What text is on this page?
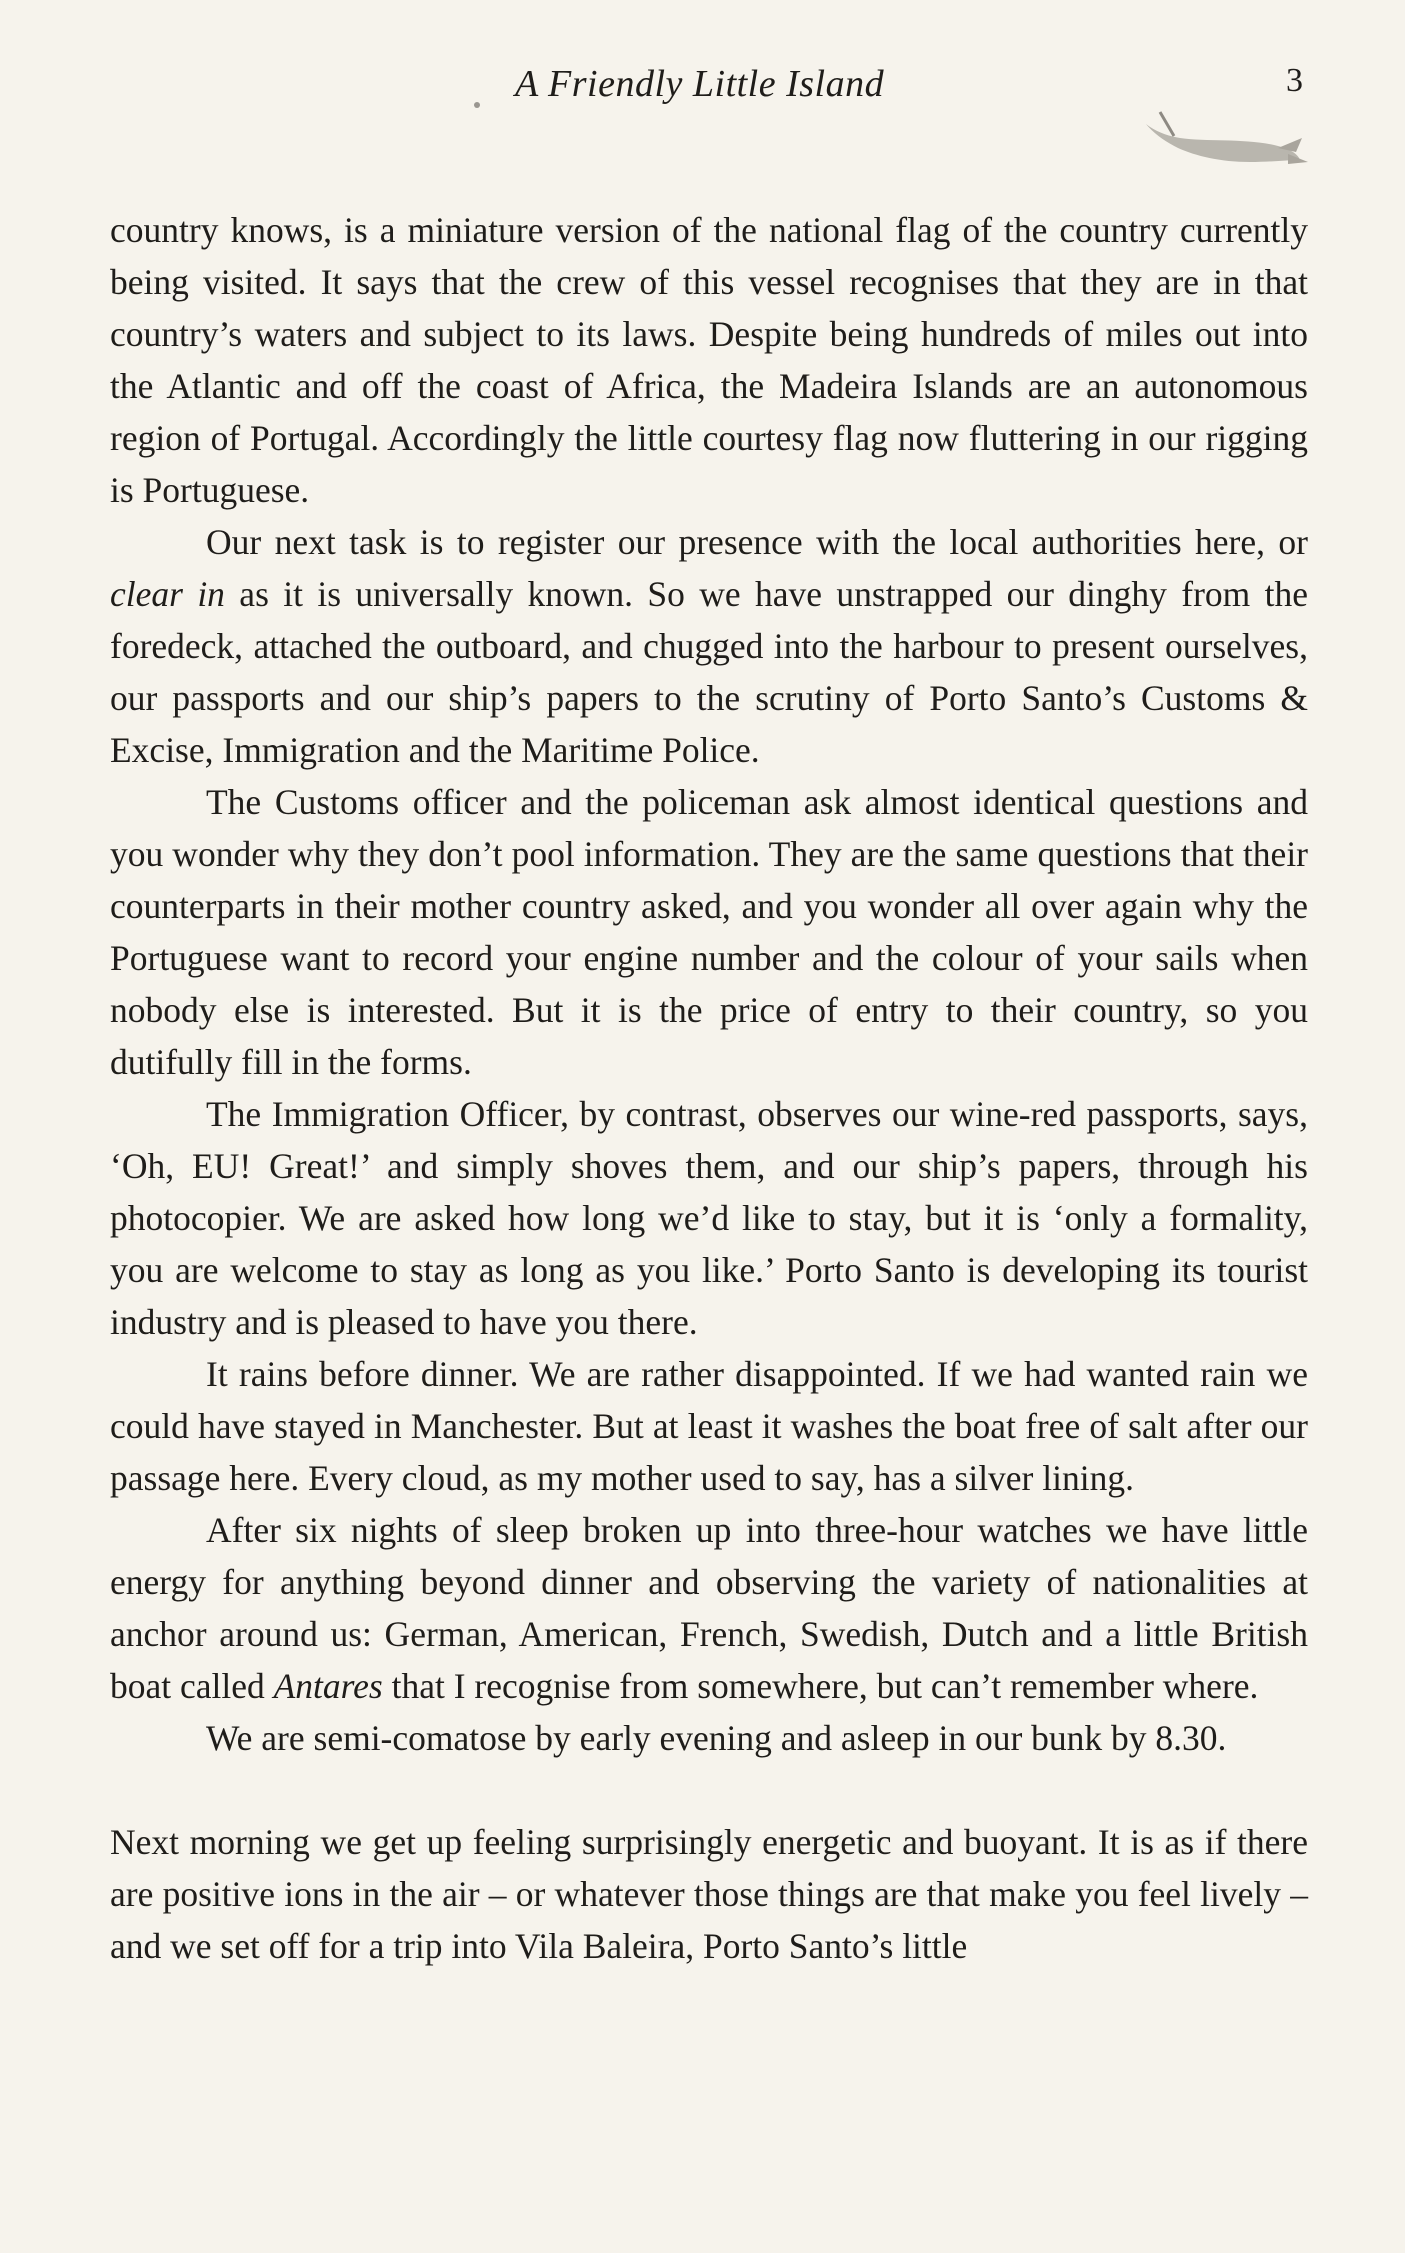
A Friendly Little Island	3

country knows, is a miniature version of the national flag of the country currently being visited. It says that the crew of this vessel recognises that they are in that country’s waters and subject to its laws. Despite being hundreds of miles out into the Atlantic and off the coast of Africa, the Madeira Islands are an autonomous region of Portugal. Accordingly the little courtesy flag now fluttering in our rigging is Portuguese.

Our next task is to register our presence with the local authorities here, or clear in as it is universally known. So we have unstrapped our dinghy from the foredeck, attached the outboard, and chugged into the harbour to present ourselves, our passports and our ship’s papers to the scrutiny of Porto Santo’s Customs & Excise, Immigration and the Maritime Police.

The Customs officer and the policeman ask almost identical questions and you wonder why they don’t pool information. They are the same questions that their counterparts in their mother country asked, and you wonder all over again why the Portuguese want to record your engine number and the colour of your sails when nobody else is interested. But it is the price of entry to their country, so you dutifully fill in the forms.

The Immigration Officer, by contrast, observes our wine-red passports, says, ‘Oh, EU! Great!’ and simply shoves them, and our ship’s papers, through his photocopier. We are asked how long we’d like to stay, but it is ‘only a formality, you are welcome to stay as long as you like.’ Porto Santo is developing its tourist industry and is pleased to have you there.

It rains before dinner. We are rather disappointed. If we had wanted rain we could have stayed in Manchester. But at least it washes the boat free of salt after our passage here. Every cloud, as my mother used to say, has a silver lining.

After six nights of sleep broken up into three-hour watches we have little energy for anything beyond dinner and observing the variety of nationalities at anchor around us: German, American, French, Swedish, Dutch and a little British boat called Antares that I recognise from somewhere, but can’t remember where.

We are semi-comatose by early evening and asleep in our bunk by 8.30.

Next morning we get up feeling surprisingly energetic and buoyant. It is as if there are positive ions in the air – or whatever those things are that make you feel lively – and we set off for a trip into Vila Baleira, Porto Santo’s little
